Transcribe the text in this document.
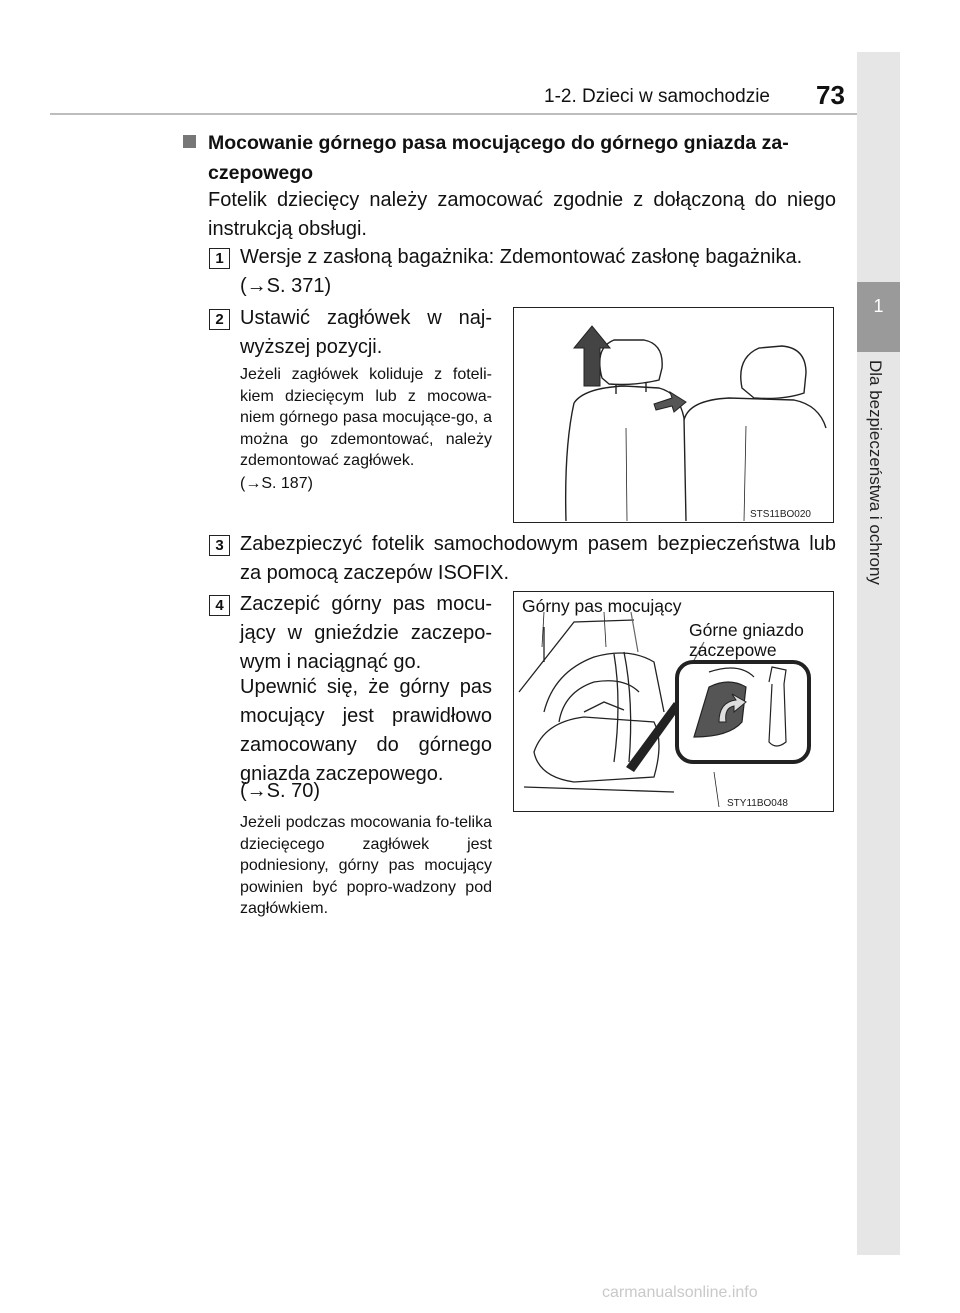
1-2. Dzieci w samochodzie 73
1
Dla bezpieczeństwa i ochrony
Mocowanie górnego pasa mocującego do górnego gniazda za-czepowego
Fotelik dziecięcy należy zamocować zgodnie z dołączoną do niego instrukcją obsługi.
1 Wersje z zasłoną bagażnika: Zdemontować zasłonę bagażnika.
(→S. 371)
2 Ustawić zagłówek w naj-wyższej pozycji.
Jeżeli zagłówek koliduje z foteli-kiem dziecięcym lub z mocowa-niem górnego pasa mocujące-go, a można go zdemontować, należy zdemontować zagłówek.
(→S. 187)
STS11BO020
3 Zabezpieczyć fotelik samochodowym pasem bezpieczeństwa lub za pomocą zaczepów ISOFIX.
4 Zaczepić górny pas mocu-jący w gnieździe zaczepo-wym i naciągnąć go.
Upewnić się, że górny pas mocujący jest prawidłowo zamocowany do górnego gniazda zaczepowego.
(→S. 70)
Jeżeli podczas mocowania fo-telika dziecięcego zagłówek jest podniesiony, górny pas mocujący powinien być popro-wadzony pod zagłówkiem.
Górny pas mocujący
Górne gniazdo
zaczepowe
STY11BO048
carmanualsonline.info
